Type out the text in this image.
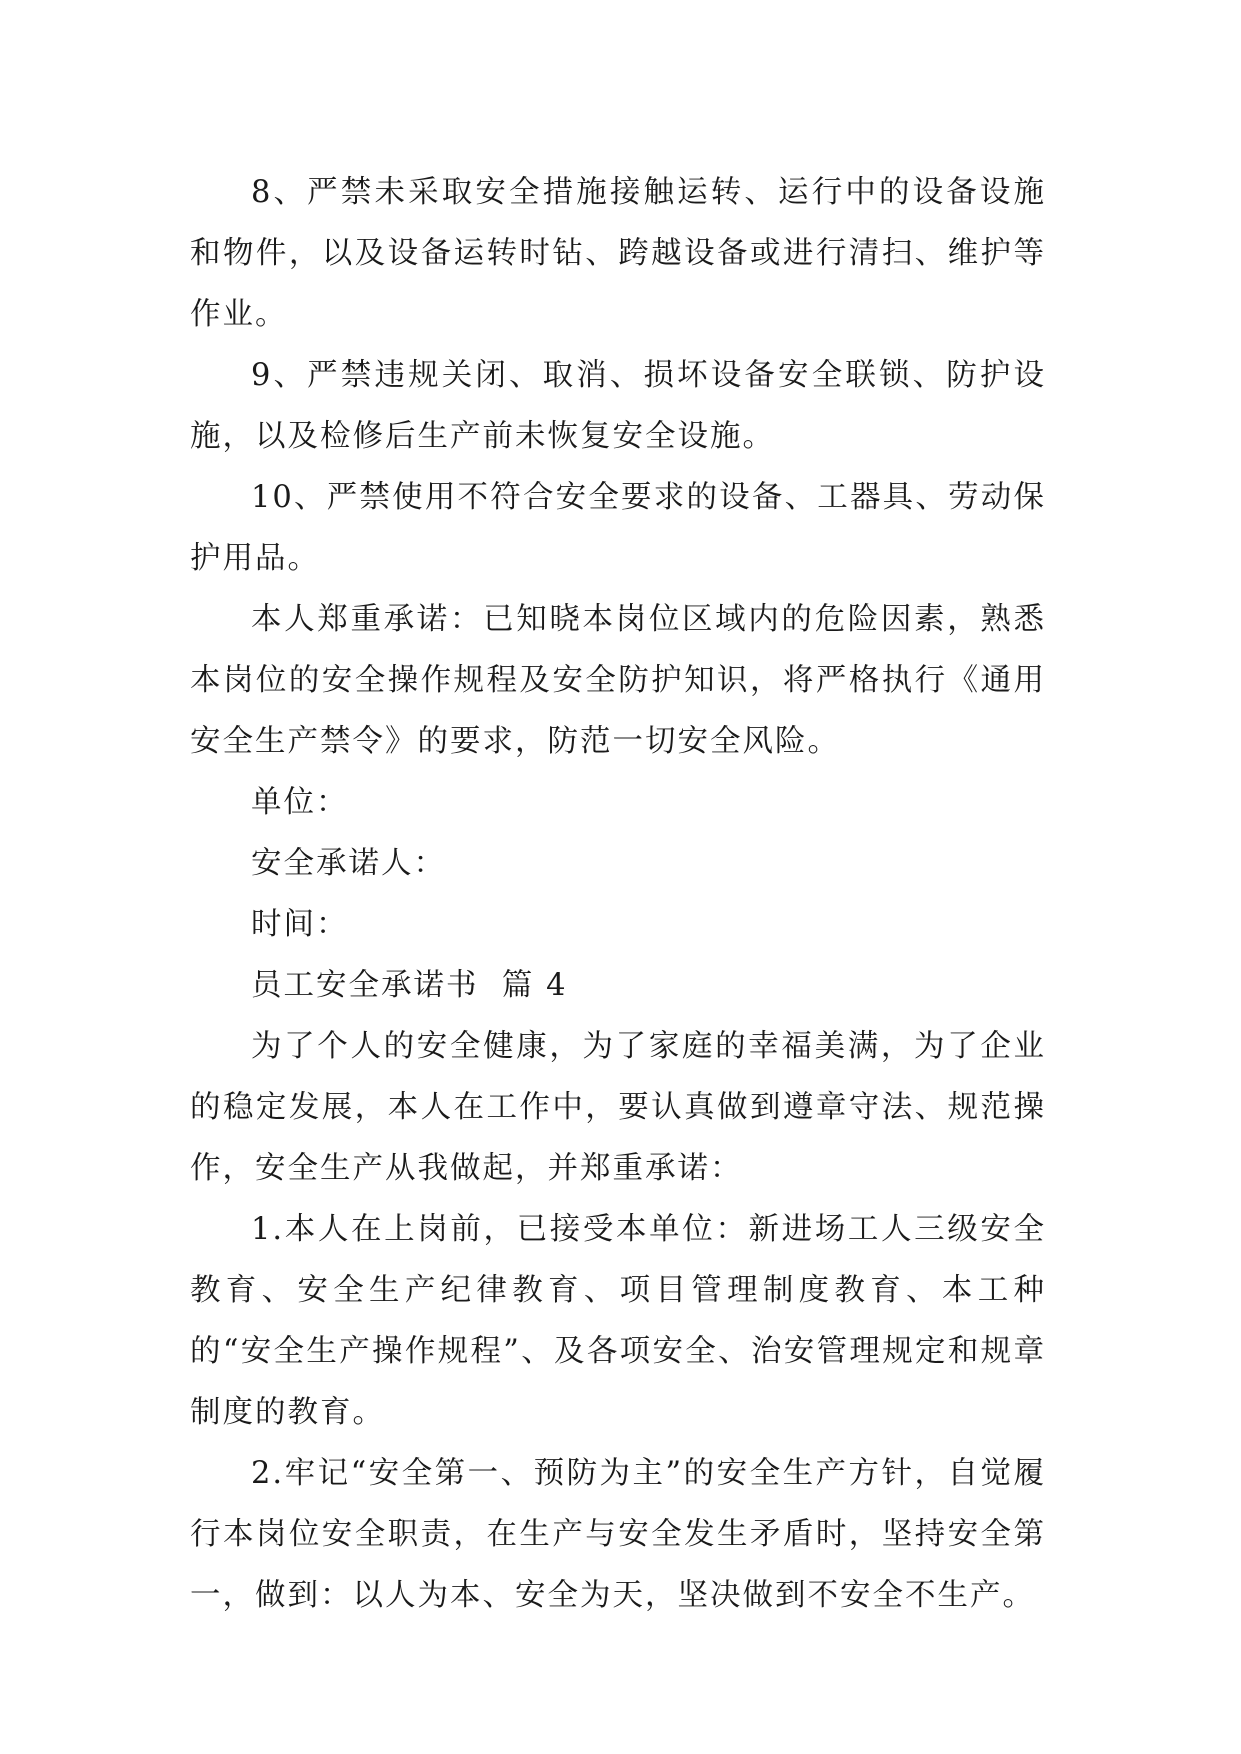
8、严禁未采取安全措施接触运转、运行中的设备设施和物件，以及设备运转时钻、跨越设备或进行清扫、维护等作业。

9、严禁违规关闭、取消、损坏设备安全联锁、防护设施，以及检修后生产前未恢复安全设施。

10、严禁使用不符合安全要求的设备、工器具、劳动保护用品。

本人郑重承诺：已知晓本岗位区域内的危险因素，熟悉本岗位的安全操作规程及安全防护知识，将严格执行《通用安全生产禁令》的要求，防范一切安全风险。

单位：

安全承诺人：

时间：

员工安全承诺书  篇 4

为了个人的安全健康，为了家庭的幸福美满，为了企业的稳定发展，本人在工作中，要认真做到遵章守法、规范操作，安全生产从我做起，并郑重承诺：

1.本人在上岗前，已接受本单位：新进场工人三级安全教育、安全生产纪律教育、项目管理制度教育、本工种的“安全生产操作规程”、及各项安全、治安管理规定和规章制度的教育。

2.牢记“安全第一、预防为主”的安全生产方针，自觉履行本岗位安全职责，在生产与安全发生矛盾时，坚持安全第一，做到：以人为本、安全为天，坚决做到不安全不生产。
